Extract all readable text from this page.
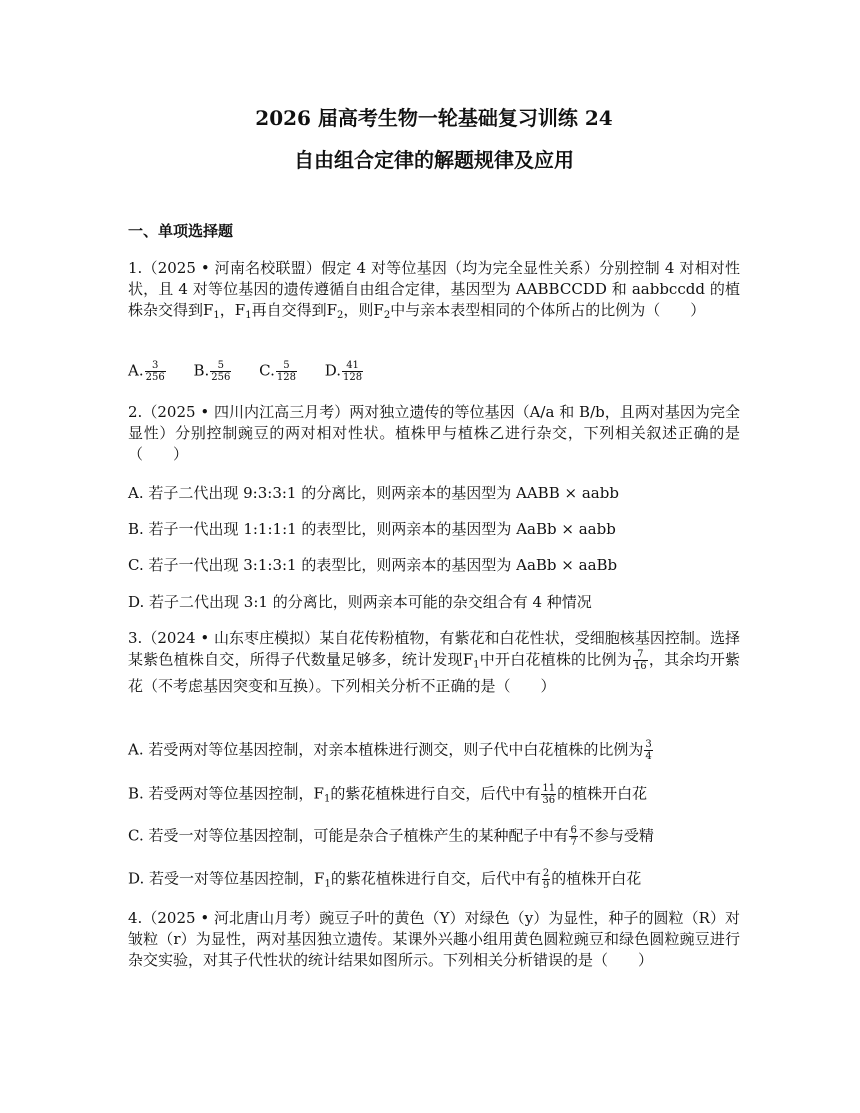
2026 届高考生物一轮基础复习训练 24
自由组合定律的解题规律及应用
一、单项选择题
1.（2025 • 河南名校联盟）假定 4 对等位基因（均为完全显性关系）分别控制 4 对相对性状，且 4 对等位基因的遗传遵循自由组合定律，基因型为 AABBCCDD 和 aabbccdd 的植株杂交得到$F_1$，$F_1$再自交得到$F_2$，则$F_2$中与亲本表型相同的个体所占的比例为（　　）
A. $\frac{3}{256} B$. $\frac{5}{256} C$. $\frac{5}{128} D$. $\frac{41}{128}$
2.（2025 • 四川内江高三月考）两对独立遗传的等位基因（A/a 和 B/b，且两对基因为完全显性）分别控制豌豆的两对相对性状。植株甲与植株乙进行杂交，下列相关叙述正确的是（　　）
A. 若子二代出现 9:3:3:1 的分离比，则两亲本的基因型为 AABB × aabb
B. 若子一代出现 1:1:1:1 的表型比，则两亲本的基因型为 AaBb × aabb
C. 若子一代出现 3:1:3:1 的表型比，则两亲本的基因型为 AaBb × aaBb
D. 若子二代出现 3:1 的分离比，则两亲本可能的杂交组合有 4 种情况
3.（2024 • 山东枣庄模拟）某自花传粉植物，有紫花和白花性状，受细胞核基因控制。选择某紫色植株自交，所得子代数量足够多，统计发现$F_1$中开白花植株的比例为 $\frac{7}{16}$ ，其余均开紫花（不考虑基因突变和互换）。下列相关分析不正确的是（　　）
A. 若受两对等位基因控制，对亲本植株进行测交，则子代中白花植株的比例为 $\frac{3}{4}$
B. 若受两对等位基因控制，$F_1$的紫花植株进行自交，后代中有 $\frac{11}{36}$ 的植株开白花
C. 若受一对等位基因控制，可能是杂合子植株产生的某种配子中有 $\frac{6}{7}$ 不参与受精
D. 若受一对等位基因控制，$F_1$的紫花植株进行自交，后代中有 $\frac{2}{9}$ 的植株开白花
4.（2025 • 河北唐山月考）豌豆子叶的黄色（Y）对绿色（y）为显性，种子的圆粒（R）对皱粒（r）为显性，两对基因独立遗传。某课外兴趣小组用黄色圆粒豌豆和绿色圆粒豌豆进行杂交实验，对其子代性状的统计结果如图所示。下列相关分析错误的是（　　）
